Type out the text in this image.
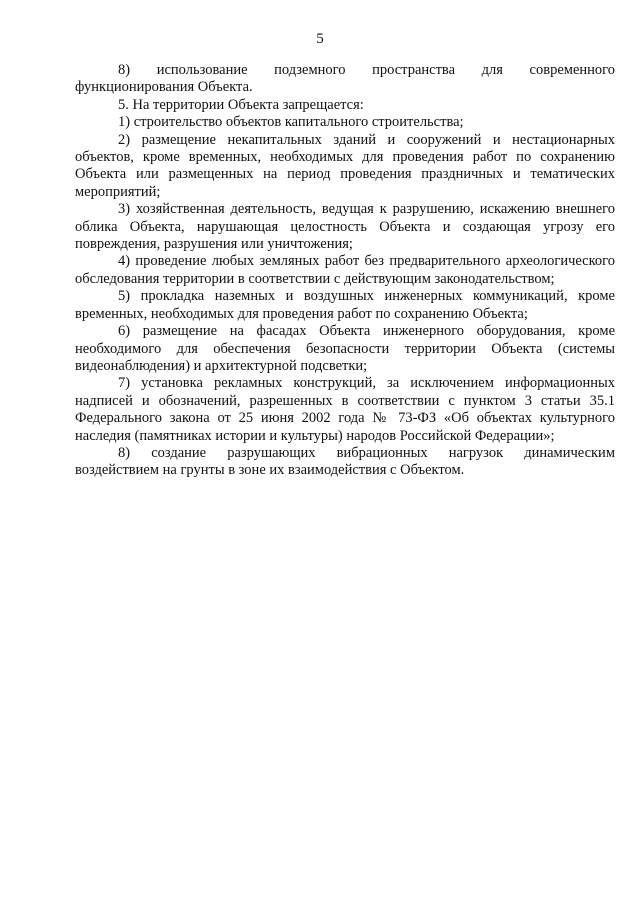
5

8) использование подземного пространства для современного функционирования Объекта.

5. На территории Объекта запрещается:

1) строительство объектов капитального строительства;

2) размещение некапитальных зданий и сооружений и нестационарных объектов, кроме временных, необходимых для проведения работ по сохранению Объекта или размещенных на период проведения праздничных и тематических мероприятий;

3) хозяйственная деятельность, ведущая к разрушению, искажению внешнего облика Объекта, нарушающая целостность Объекта и создающая угрозу его повреждения, разрушения или уничтожения;

4) проведение любых земляных работ без предварительного археологического обследования территории в соответствии с действующим законодательством;

5) прокладка наземных и воздушных инженерных коммуникаций, кроме временных, необходимых для проведения работ по сохранению Объекта;

6) размещение на фасадах Объекта инженерного оборудования, кроме необходимого для обеспечения безопасности территории Объекта (системы видеонаблюдения) и архитектурной подсветки;

7) установка рекламных конструкций, за исключением информационных надписей и обозначений, разрешенных в соответствии с пунктом 3 статьи 35.1 Федерального закона от 25 июня 2002 года № 73-ФЗ «Об объектах культурного наследия (памятниках истории и культуры) народов Российской Федерации»;

8) создание разрушающих вибрационных нагрузок динамическим воздействием на грунты в зоне их взаимодействия с Объектом.
